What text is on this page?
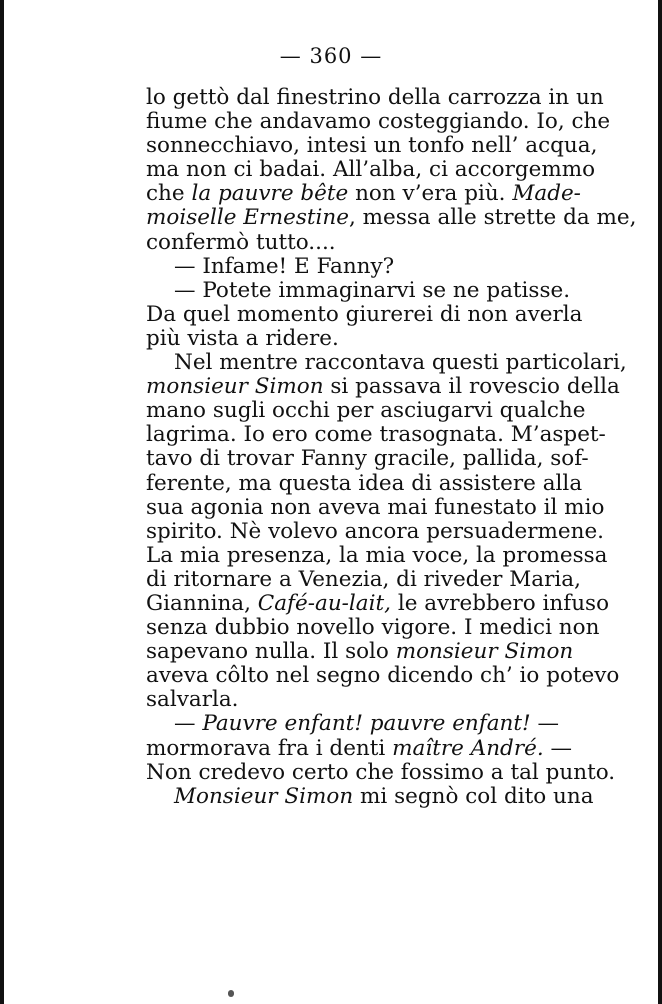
— 360 —
lo gettò dal finestrino della carrozza in un
fiume che andavamo costeggiando. Io, che
sonnecchiavo, intesi un tonfo nell’ acqua,
ma non ci badai. All’alba, ci accorgemmo
che la pauvre bête non v’era più. Made-
moiselle Ernestine, messa alle strette da me,
confermò tutto....
— Infame! E Fanny?
— Potete immaginarvi se ne patisse.
Da quel momento giurerei di non averla
più vista a ridere.
Nel mentre raccontava questi particolari,
monsieur Simon si passava il rovescio della
mano sugli occhi per asciugarvi qualche
lagrima. Io ero come trasognata. M’aspet-
tavo di trovar Fanny gracile, pallida, sof-
ferente, ma questa idea di assistere alla
sua agonia non aveva mai funestato il mio
spirito. Nè volevo ancora persuadermene.
La mia presenza, la mia voce, la promessa
di ritornare a Venezia, di riveder Maria,
Giannina, Café-au-lait, le avrebbero infuso
senza dubbio novello vigore. I medici non
sapevano nulla. Il solo monsieur Simon
aveva côlto nel segno dicendo ch’ io potevo
salvarla.
— Pauvre enfant! pauvre enfant! —
mormorava fra i denti maître André. —
Non credevo certo che fossimo a tal punto.
Monsieur Simon mi segnò col dito una
